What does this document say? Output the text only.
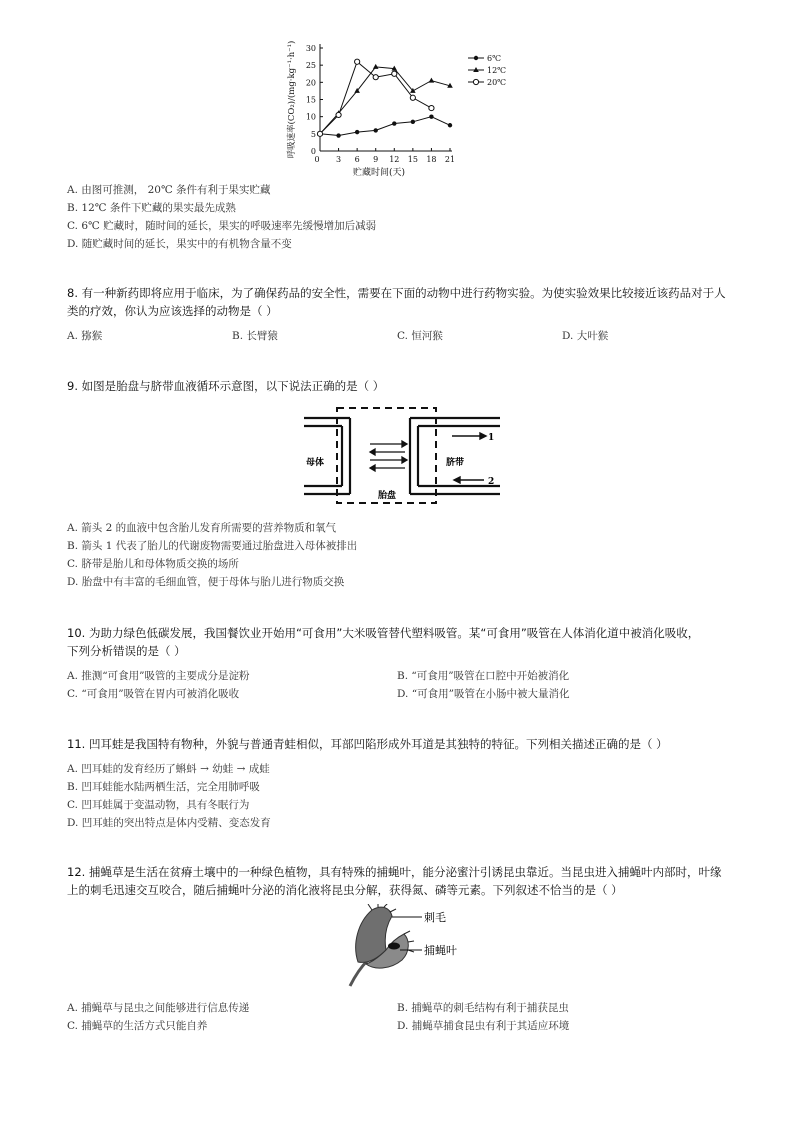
0
5
10
15
20
25
30
0 3 6 9 12 15 18 21
贮藏时间(天)
呼吸速率(CO₂)/(mg·kg⁻¹·h⁻¹)	6℃
12℃
20℃
A. 由图可推测， 20℃ 条件有利于果实贮藏
B. 12℃ 条件下贮藏的果实最先成熟
C. 6℃ 贮藏时，随时间的延长，果实的呼吸速率先缓慢增加后减弱
D. 随贮藏时间的延长，果实中的有机物含量不变
8. 有一种新药即将应用于临床，为了确保药品的安全性，需要在下面的动物中进行药物实验。为使实验效果比较接近该药品对于人
类的疗效，你认为应该选择的动物是（ ）
A. 猕猴	B. 长臂猿	C. 恒河猴	D. 大叶猴
9. 如图是胎盘与脐带血液循环示意图，以下说法正确的是（ ）
1
2
母体	脐带
胎盘
A. 箭头 2 的血液中包含胎儿发育所需要的营养物质和氧气
B. 箭头 1 代表了胎儿的代谢废物需要通过胎盘进入母体被排出
C. 脐带是胎儿和母体物质交换的场所
D. 胎盘中有丰富的毛细血管，便于母体与胎儿进行物质交换
10. 为助力绿色低碳发展，我国餐饮业开始用“可食用”大米吸管替代塑料吸管。某“可食用”吸管在人体消化道中被消化吸收，
下列分析错误的是（ ）
A. 推测“可食用”吸管的主要成分是淀粉	B. “可食用”吸管在口腔中开始被消化
C. “可食用”吸管在胃内可被消化吸收	D. “可食用”吸管在小肠中被大量消化
11. 凹耳蛙是我国特有物种，外貌与普通青蛙相似，耳部凹陷形成外耳道是其独特的特征。下列相关描述正确的是（ ）
A. 凹耳蛙的发育经历了蝌蚪 → 幼蛙 → 成蛙
B. 凹耳蛙能水陆两栖生活，完全用肺呼吸
C. 凹耳蛙属于变温动物，具有冬眠行为
D. 凹耳蛙的突出特点是体内受精、变态发育
12. 捕蝇草是生活在贫瘠土壤中的一种绿色植物，具有特殊的捕蝇叶，能分泌蜜汁引诱昆虫靠近。当昆虫进入捕蝇叶内部时，叶缘
上的刺毛迅速交互咬合，随后捕蝇叶分泌的消化液将昆虫分解，获得氮、磷等元素。下列叙述不恰当的是（ ）
刺毛
捕蝇叶
A. 捕蝇草与昆虫之间能够进行信息传递	B. 捕蝇草的刺毛结构有利于捕获昆虫
C. 捕蝇草的生活方式只能自养	D. 捕蝇草捕食昆虫有利于其适应环境
